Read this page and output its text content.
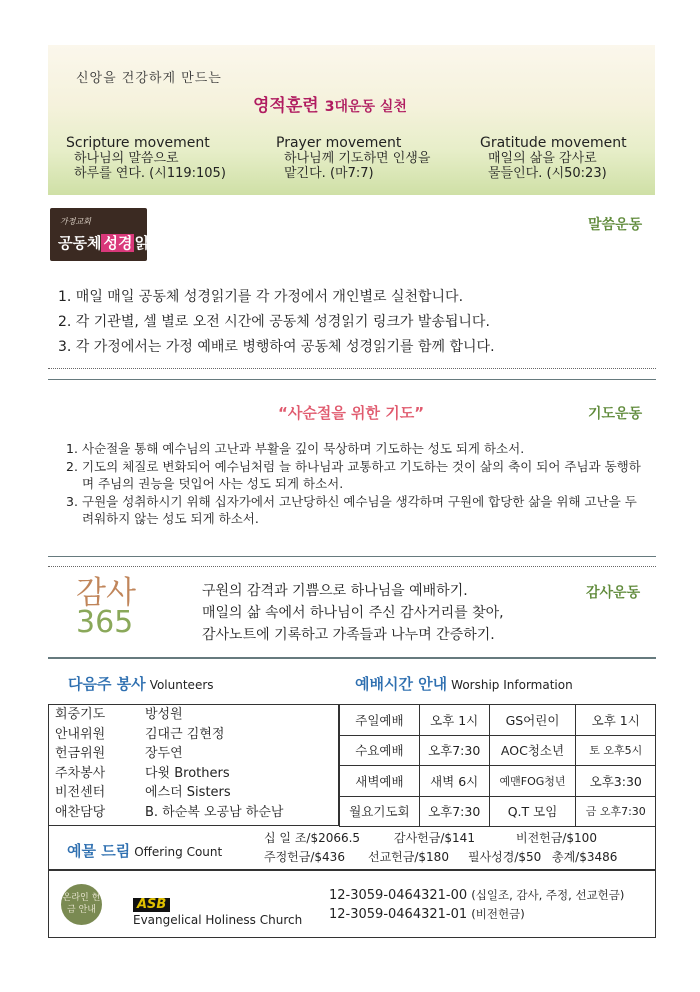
신앙을 건강하게 만드는
영적훈련 3대운동 실천
Scripture movement
하나님의 말씀으로
하루를 연다. (시119:105)
Prayer movement
하나님께 기도하면 인생을
맡긴다. (마7:7)
Gratitude movement
매일의 삶을 감사로
물들인다. (시50:23)
가정교회
공동체 성경 읽기
말씀운동
1. 매일 매일 공동체 성경읽기를 각 가정에서 개인별로 실천합니다.
2. 각 기관별, 셀 별로 오전 시간에 공동체 성경읽기 링크가 발송됩니다.
3. 각 가정에서는 가정 예배로 병행하여 공동체 성경읽기를 함께 합니다.
“사순절을 위한 기도”	기도운동
1. 사순절을 통해 예수님의 고난과 부활을 깊이 묵상하며 기도하는 성도 되게 하소서.
2. 기도의 체질로 변화되어 예수님처럼 늘 하나님과 교통하고 기도하는 것이 삶의 축이 되어 주님과 동행하며 주님의 권능을 덧입어 사는 성도 되게 하소서.
3. 구원을 성취하시기 위해 십자가에서 고난당하신 예수님을 생각하며 구원에 합당한 삶을 위해 고난을 두려워하지 않는 성도 되게 하소서.
감사
365
구원의 감격과 기쁨으로 하나님을 예배하기.
매일의 삶 속에서 하나님이 주신 감사거리를 찾아,
감사노트에 기록하고 가족들과 나누며 간증하기.
감사운동
다음주 봉사 Volunteers	예배시간 안내 Worship Information
회중기도	방성원
안내위원	김대근 김현정
헌금위원	장두연
주차봉사	다윗 Brothers
비전센터	에스더 Sisters
애찬담당	B. 하순복 오공남 하순남
주일예배	오후 1시	GS어린이	오후 1시
수요예배	오후7:30	AOC청소년	토 오후5시
새벽예배	새벽 6시	예맨FOG청년	오후3:30
월요기도회	오후7:30	Q.T 모임	금 오후7:30
예물 드림 Offering Count
십 일 조/$2066.5	감사헌금/$141	비전헌금/$100
주정헌금/$436 선교헌금/$180 필사성경/$50 총계/$3486
온라인 헌금 안내	ASB
Evangelical Holiness Church
12-3059-0464321-00 (십일조, 감사, 주정, 선교헌금)
12-3059-0464321-01 (비전헌금)
